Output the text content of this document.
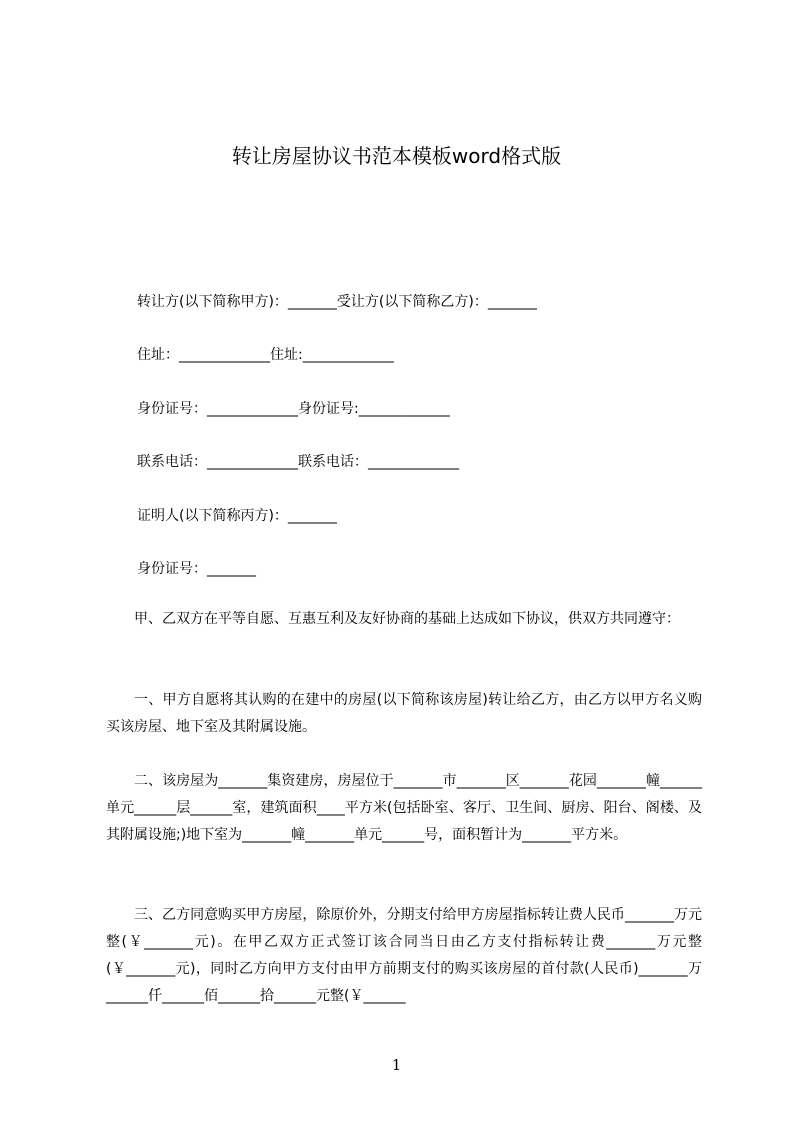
转让房屋协议书范本模板word格式版
转让方(以下简称甲方)：_______受让方(以下简称乙方)：_______
住址：_____________住址:_____________
身份证号：_____________身份证号:_____________
联系电话：_____________联系电话：_____________
证明人(以下简称丙方)：_______
身份证号：_______

甲、乙双方在平等自愿、互惠互利及友好协商的基础上达成如下协议，供双方共同遵守：

一、甲方自愿将其认购的在建中的房屋(以下简称该房屋)转让给乙方，由乙方以甲方名义购买该房屋、地下室及其附属设施。

二、该房屋为_______集资建房，房屋位于_______市_______区_______花园_______幢______单元______层______室，建筑面积____平方米(包括卧室、客厅、卫生间、厨房、阳台、阁楼、及其附属设施;)地下室为_______幢_______单元______号，面积暂计为_______平方米。

三、乙方同意购买甲方房屋，除原价外，分期支付给甲方房屋指标转让费人民币_______万元整(￥_______元)。在甲乙双方正式签订该合同当日由乙方支付指标转让费_______万元整(￥_______元)，同时乙方向甲方支付由甲方前期支付的购买该房屋的首付款(人民币)_______万______仟______佰______拾______元整(￥______

1
